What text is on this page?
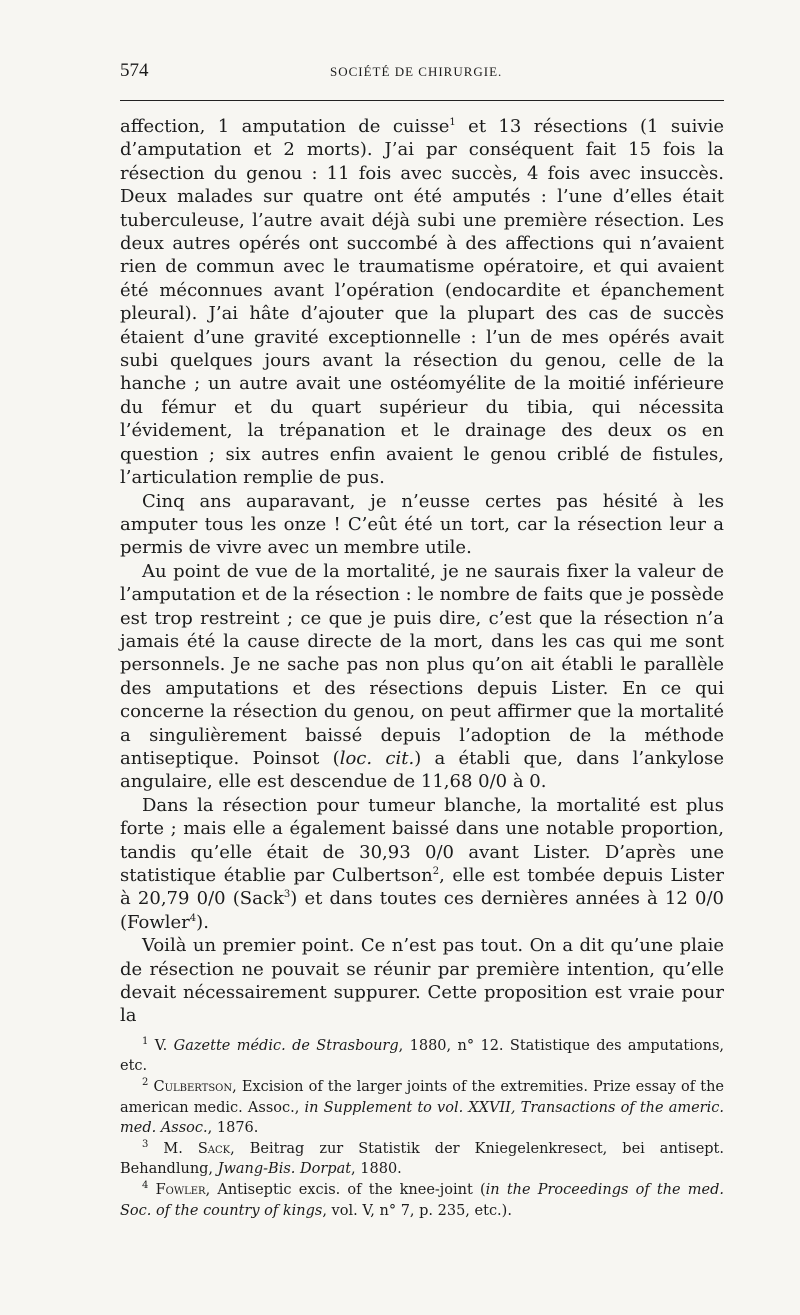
574	SOCIÉTÉ DE CHIRURGIE.

affection, 1 amputation de cuisse$^1$ et 13 résections (1 suivie d’amputation et 2 morts). J’ai par conséquent fait 15 fois la résection du genou : 11 fois avec succès, 4 fois avec insuccès. Deux malades sur quatre ont été amputés : l’une d’elles était tuberculeuse, l’autre avait déjà subi une première résection. Les deux autres opérés ont succombé à des affections qui n’avaient rien de commun avec le traumatisme opératoire, et qui avaient été méconnues avant l’opération (endocardite et épanchement pleural). J’ai hâte d’ajouter que la plupart des cas de succès étaient d’une gravité exceptionnelle : l’un de mes opérés avait subi quelques jours avant la résection du genou, celle de la hanche ; un autre avait une ostéomyélite de la moitié inférieure du fémur et du quart supérieur du tibia, qui nécessita l’évidement, la trépanation et le drainage des deux os en question ; six autres enfin avaient le genou criblé de fistules, l’articulation remplie de pus.

Cinq ans auparavant, je n’eusse certes pas hésité à les amputer tous les onze ! C’eût été un tort, car la résection leur a permis de vivre avec un membre utile.

Au point de vue de la mortalité, je ne saurais fixer la valeur de l’amputation et de la résection : le nombre de faits que je possède est trop restreint ; ce que je puis dire, c’est que la résection n’a jamais été la cause directe de la mort, dans les cas qui me sont personnels. Je ne sache pas non plus qu’on ait établi le parallèle des amputations et des résections depuis Lister. En ce qui concerne la résection du genou, on peut affirmer que la mortalité a singulièrement baissé depuis l’adoption de la méthode antiseptique. Poinsot (loc. cit.) a établi que, dans l’ankylose angulaire, elle est descendue de 11,68 0/0 à 0.

Dans la résection pour tumeur blanche, la mortalité est plus forte ; mais elle a également baissé dans une notable proportion, tandis qu’elle était de 30,93 0/0 avant Lister. D’après une statistique établie par Culbertson$^2$, elle est tombée depuis Lister à 20,79 0/0 (Sack$^3$) et dans toutes ces dernières années à 12 0/0 (Fowler$^4$).

Voilà un premier point. Ce n’est pas tout. On a dit qu’une plaie de résection ne pouvait se réunir par première intention, qu’elle devait nécessairement suppurer. Cette proposition est vraie pour la

$^1$ V. Gazette médic. de Strasbourg, 1880, n° 12. Statistique des amputations, etc.

$^2$ Culbertson, Excision of the larger joints of the extremities. Prize essay of the american medic. Assoc., in Supplement to vol. XXVII, Transactions of the americ. med. Assoc., 1876.

$^3$ M. Sack, Beitrag zur Statistik der Kniegelenkresect, bei antisept. Behandlung, Jwang-Bis. Dorpat, 1880.

$^4$ Fowler, Antiseptic excis. of the knee-joint (in the Proceedings of the med. Soc. of the country of kings, vol. V, n° 7, p. 235, etc.).
